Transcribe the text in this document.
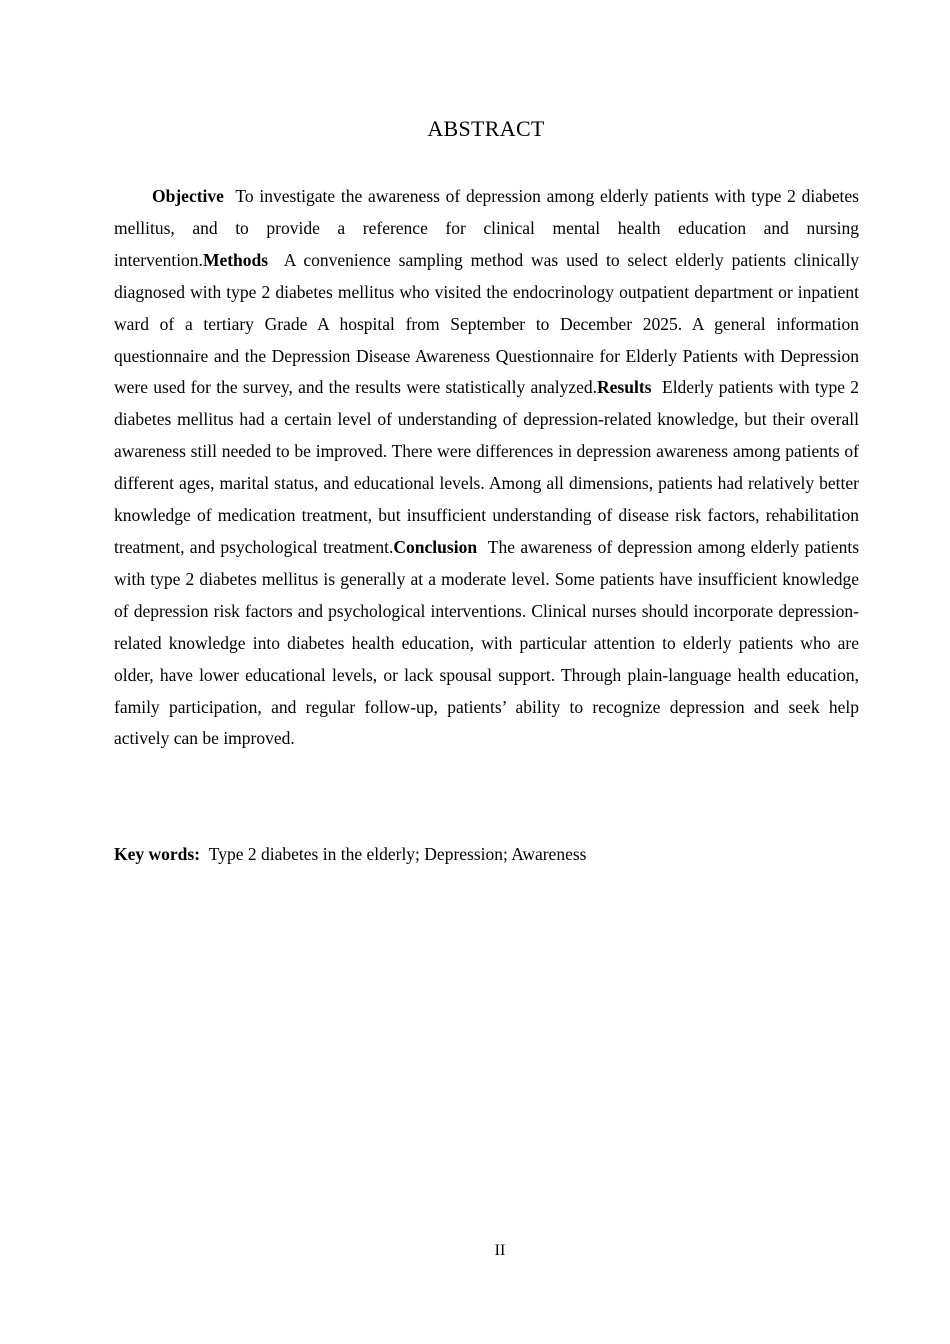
ABSTRACT

Objective To investigate the awareness of depression among elderly patients with type 2 diabetes mellitus, and to provide a reference for clinical mental health education and nursing intervention.Methods A convenience sampling method was used to select elderly patients clinically diagnosed with type 2 diabetes mellitus who visited the endocrinology outpatient department or inpatient ward of a tertiary Grade A hospital from September to December 2025. A general information questionnaire and the Depression Disease Awareness Questionnaire for Elderly Patients with Depression were used for the survey, and the results were statistically analyzed.Results Elderly patients with type 2 diabetes mellitus had a certain level of understanding of depression-related knowledge, but their overall awareness still needed to be improved. There were differences in depression awareness among patients of different ages, marital status, and educational levels. Among all dimensions, patients had relatively better knowledge of medication treatment, but insufficient understanding of disease risk factors, rehabilitation treatment, and psychological treatment.Conclusion The awareness of depression among elderly patients with type 2 diabetes mellitus is generally at a moderate level. Some patients have insufficient knowledge of depression risk factors and psychological interventions. Clinical nurses should incorporate depression-related knowledge into diabetes health education, with particular attention to elderly patients who are older, have lower educational levels, or lack spousal support. Through plain-language health education, family participation, and regular follow-up, patients’ ability to recognize depression and seek help actively can be improved.

Key words: Type 2 diabetes in the elderly; Depression; Awareness

II
